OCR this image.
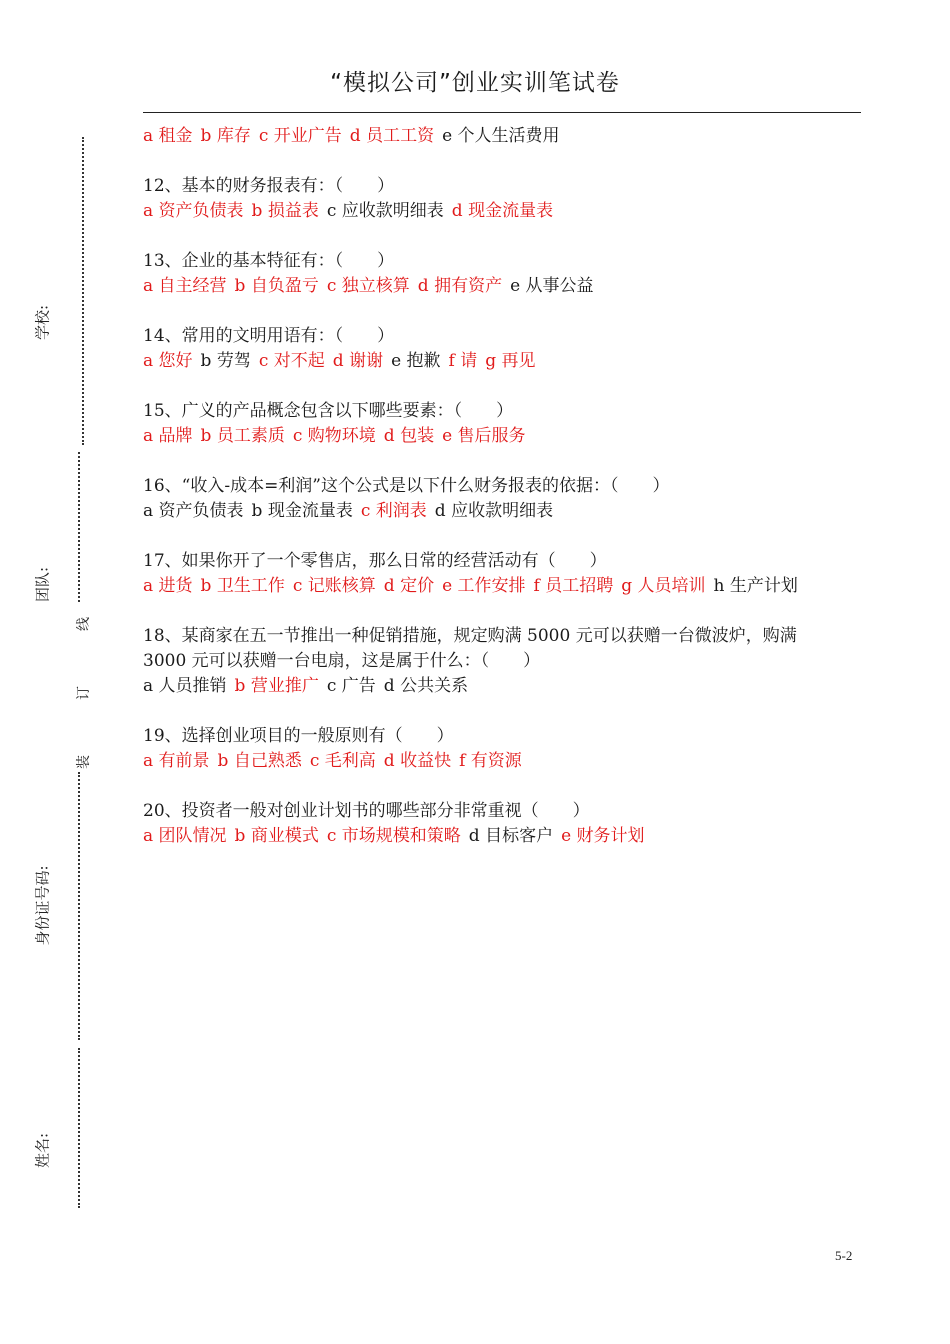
“模拟公司”创业实训笔试卷
a 租金 b 库存 c 开业广告 d 员工工资 e 个人生活费用
12、基本的财务报表有：（　　）
a 资产负债表 b 损益表 c 应收款明细表 d 现金流量表
13、企业的基本特征有：（　　）
a 自主经营 b 自负盈亏 c 独立核算 d 拥有资产 e 从事公益
14、常用的文明用语有：（　　）
a 您好 b 劳驾 c 对不起 d 谢谢 e 抱歉 f 请 g 再见
15、广义的产品概念包含以下哪些要素：（　　）
a 品牌 b 员工素质 c 购物环境 d 包装 e 售后服务
16、“收入-成本=利润”这个公式是以下什么财务报表的依据：（　　）
a 资产负债表 b 现金流量表 c 利润表 d 应收款明细表
17、如果你开了一个零售店，那么日常的经营活动有（　　）
a 进货 b 卫生工作 c 记账核算 d 定价 e 工作安排 f 员工招聘 g 人员培训 h 生产计划
18、某商家在五一节推出一种促销措施，规定购满 5000 元可以获赠一台微波炉，购满
3000 元可以获赠一台电扇，这是属于什么：（　　）
a 人员推销 b 营业推广 c 广告 d 公共关系
19、选择创业项目的一般原则有（　　）
a 有前景 b 自己熟悉 c 毛利高 d 收益快 f 有资源
20、投资者一般对创业计划书的哪些部分非常重视（　　）
a 团队情况 b 商业模式 c 市场规模和策略 d 目标客户 e 财务计划
学校:
团队:
身份证号码:
姓名:
线
订
装
5-2
